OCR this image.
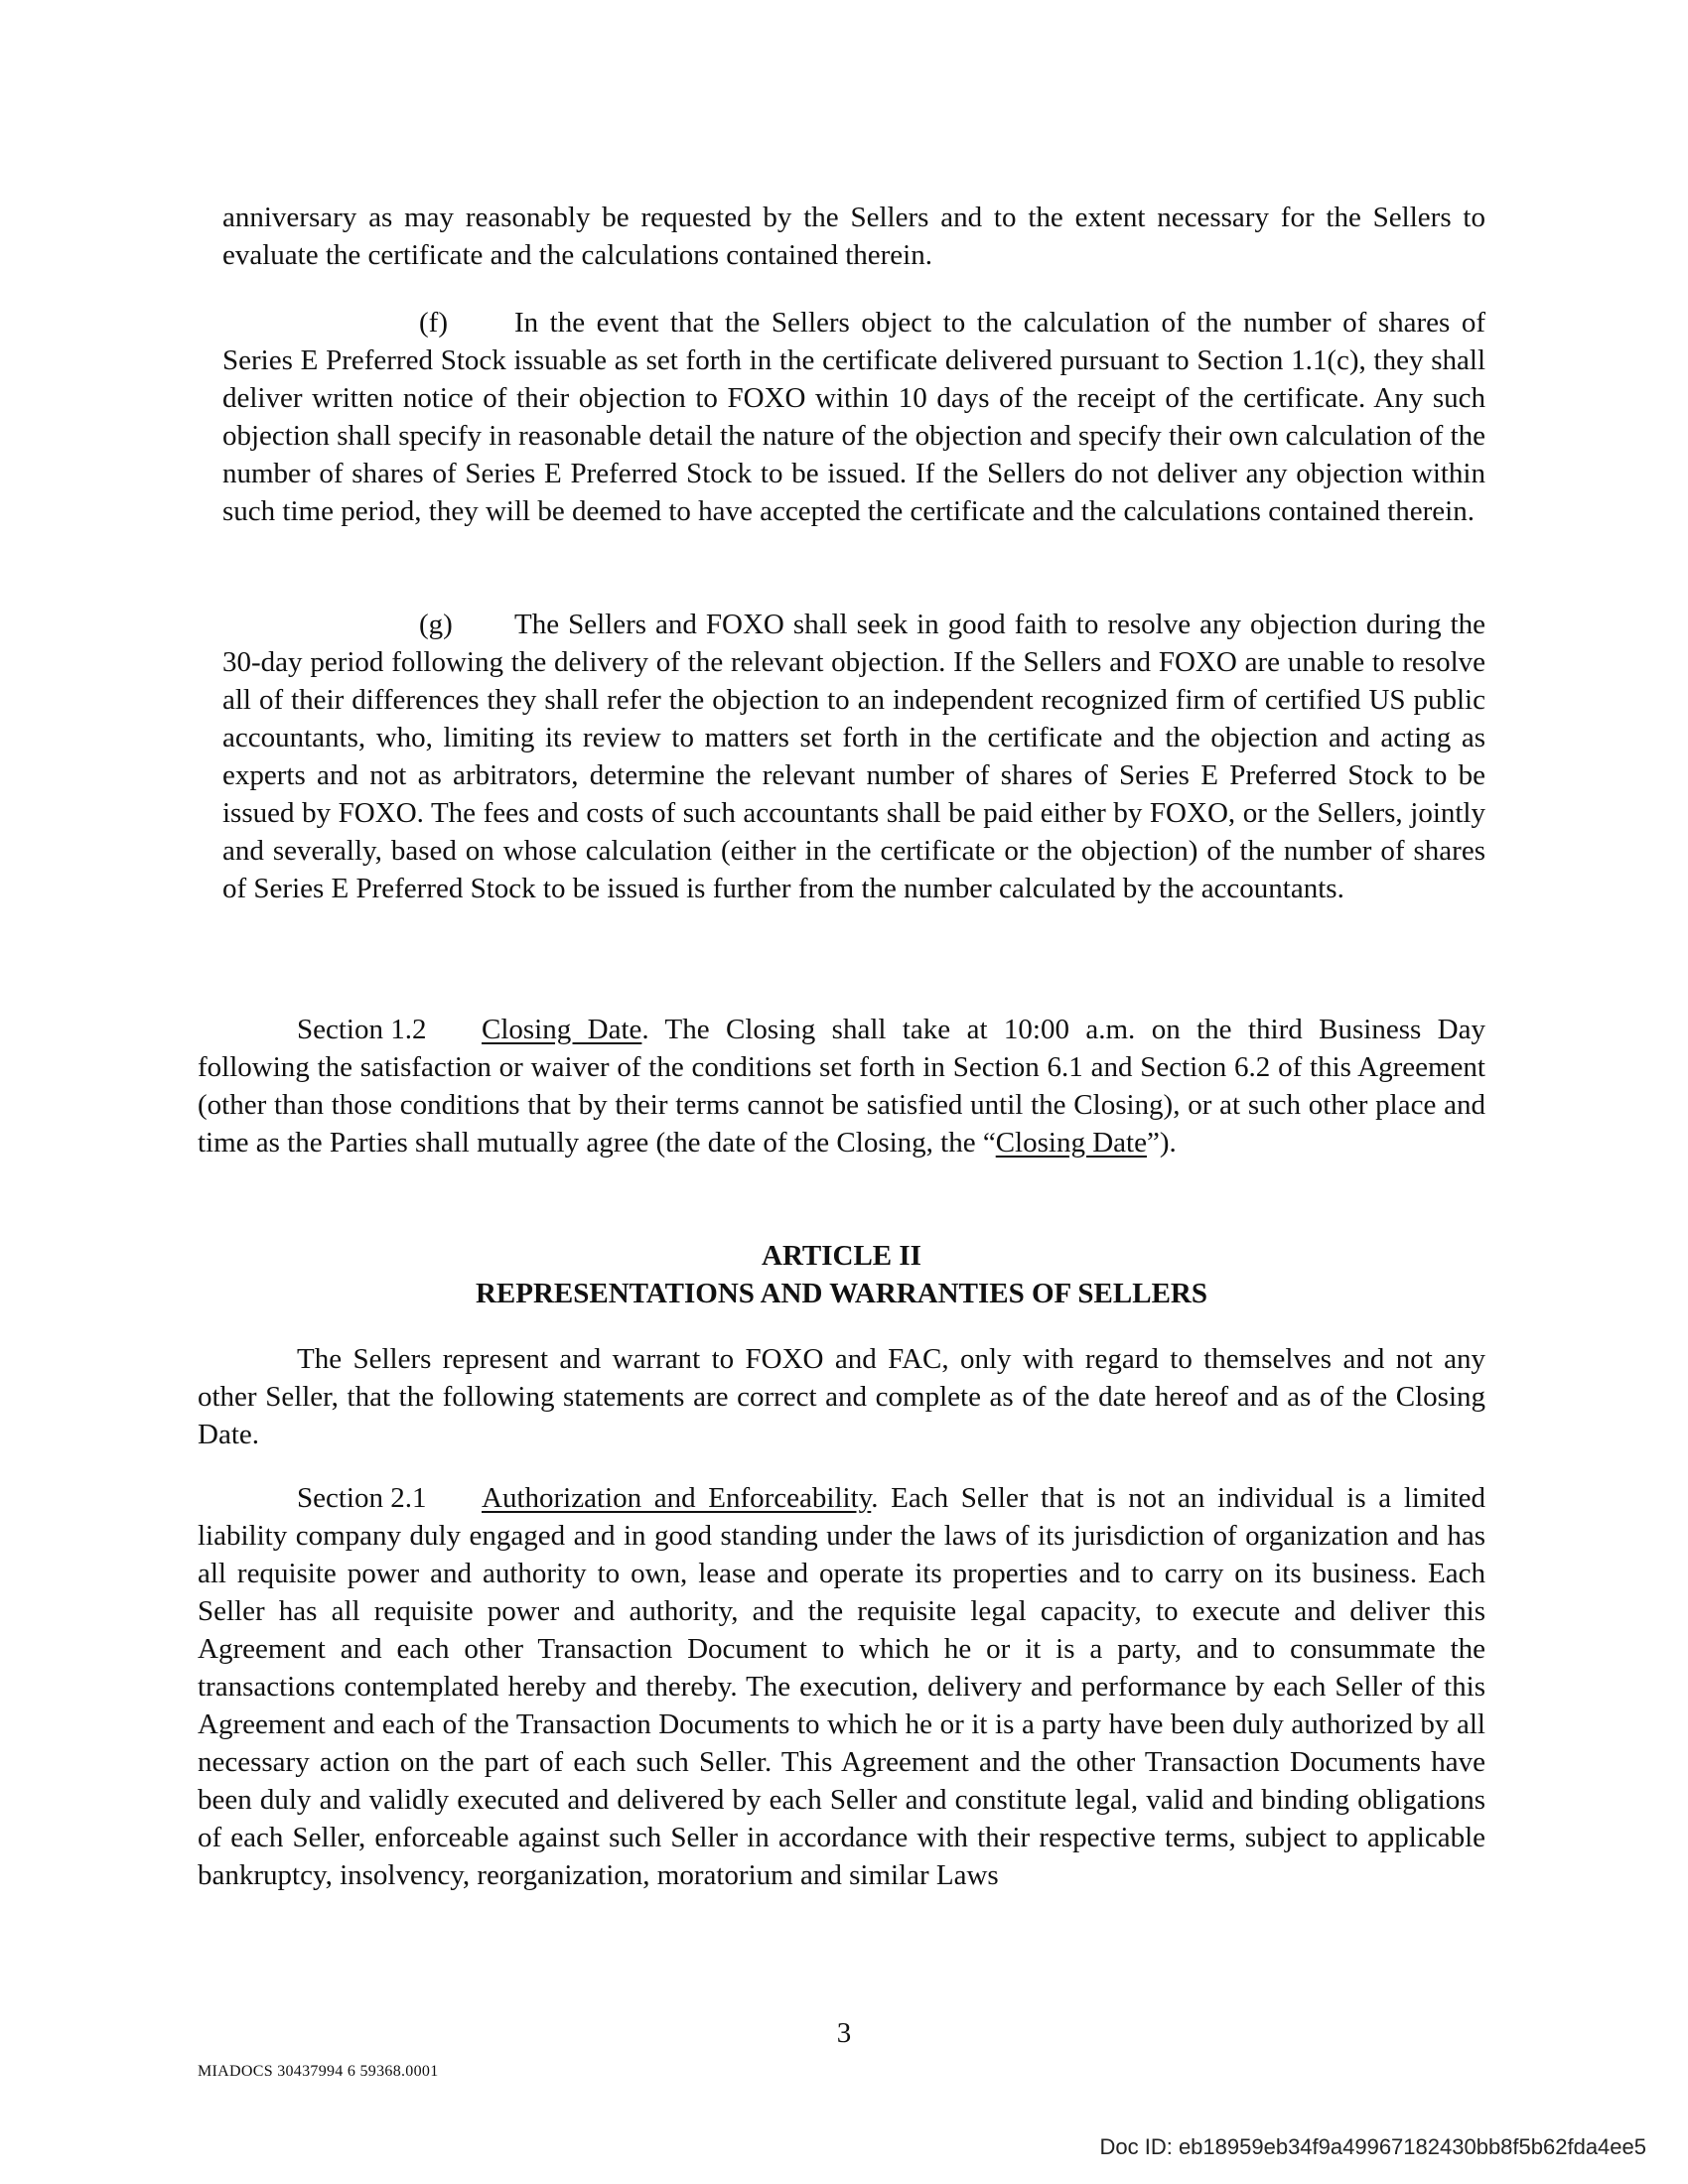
anniversary as may reasonably be requested by the Sellers and to the extent necessary for the Sellers to evaluate the certificate and the calculations contained therein.

(f) In the event that the Sellers object to the calculation of the number of shares of Series E Preferred Stock issuable as set forth in the certificate delivered pursuant to Section 1.1(c), they shall deliver written notice of their objection to FOXO within 10 days of the receipt of the certificate. Any such objection shall specify in reasonable detail the nature of the objection and specify their own calculation of the number of shares of Series E Preferred Stock to be issued. If the Sellers do not deliver any objection within such time period, they will be deemed to have accepted the certificate and the calculations contained therein.

(g) The Sellers and FOXO shall seek in good faith to resolve any objection during the 30-day period following the delivery of the relevant objection. If the Sellers and FOXO are unable to resolve all of their differences they shall refer the objection to an independent recognized firm of certified US public accountants, who, limiting its review to matters set forth in the certificate and the objection and acting as experts and not as arbitrators, determine the relevant number of shares of Series E Preferred Stock to be issued by FOXO. The fees and costs of such accountants shall be paid either by FOXO, or the Sellers, jointly and severally, based on whose calculation (either in the certificate or the objection) of the number of shares of Series E Preferred Stock to be issued is further from the number calculated by the accountants.

Section 1.2 Closing Date. The Closing shall take at 10:00 a.m. on the third Business Day following the satisfaction or waiver of the conditions set forth in Section 6.1 and Section 6.2 of this Agreement (other than those conditions that by their terms cannot be satisfied until the Closing), or at such other place and time as the Parties shall mutually agree (the date of the Closing, the “Closing Date”).

ARTICLE II
REPRESENTATIONS AND WARRANTIES OF SELLERS

The Sellers represent and warrant to FOXO and FAC, only with regard to themselves and not any other Seller, that the following statements are correct and complete as of the date hereof and as of the Closing Date.

Section 2.1 Authorization and Enforceability. Each Seller that is not an individual is a limited liability company duly engaged and in good standing under the laws of its jurisdiction of organization and has all requisite power and authority to own, lease and operate its properties and to carry on its business. Each Seller has all requisite power and authority, and the requisite legal capacity, to execute and deliver this Agreement and each other Transaction Document to which he or it is a party, and to consummate the transactions contemplated hereby and thereby. The execution, delivery and performance by each Seller of this Agreement and each of the Transaction Documents to which he or it is a party have been duly authorized by all necessary action on the part of each such Seller. This Agreement and the other Transaction Documents have been duly and validly executed and delivered by each Seller and constitute legal, valid and binding obligations of each Seller, enforceable against such Seller in accordance with their respective terms, subject to applicable bankruptcy, insolvency, reorganization, moratorium and similar Laws

3
MIADOCS 30437994 6 59368.0001
Doc ID: eb18959eb34f9a49967182430bb8f5b62fda4ee5
